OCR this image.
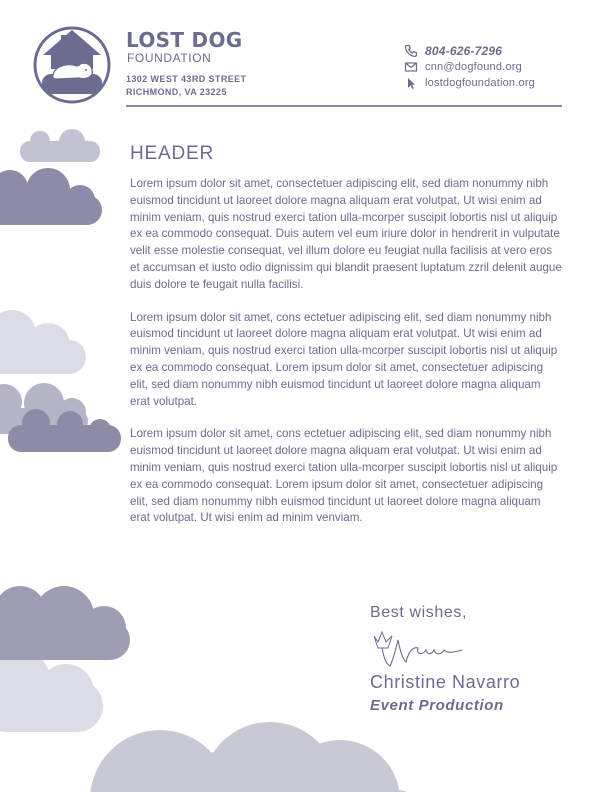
LOST DOG
FOUNDATION
1302 WEST 43RD STREET
RICHMOND, VA 23225
804-626-7296
cnn@dogfound.org
lostdogfoundation.org
HEADER

Lorem ipsum dolor sit amet, consectetuer adipiscing elit, sed diam nonummy nibh euismod tincidunt ut laoreet dolore magna aliquam erat volutpat. Ut wisi enim ad minim veniam, quis nostrud exerci tation ulla-mcorper suscipit lobortis nisl ut aliquip ex ea commodo consequat. Duis autem vel eum iriure dolor in hendrerit in vulputate velit esse molestie consequat, vel illum dolore eu feugiat nulla facilisis at vero eros et accumsan et iusto odio dignissim qui blandit praesent luptatum zzril delenit augue duis dolore te feugait nulla facilisi.

Lorem ipsum dolor sit amet, cons ectetuer adipiscing elit, sed diam nonummy nibh euismod tincidunt ut laoreet dolore magna aliquam erat volutpat. Ut wisi enim ad minim veniam, quis nostrud exerci tation ulla-mcorper suscipit lobortis nisl ut aliquip ex ea commodo consequat. Lorem ipsum dolor sit amet, consectetuer adipiscing elit, sed diam nonummy nibh euismod tincidunt ut laoreet dolore magna aliquam erat volutpat.

Lorem ipsum dolor sit amet, cons ectetuer adipiscing elit, sed diam nonummy nibh euismod tincidunt ut laoreet dolore magna aliquam erat volutpat. Ut wisi enim ad minim veniam, quis nostrud exerci tation ulla-mcorper suscipit lobortis nisl ut aliquip ex ea commodo consequat. Lorem ipsum dolor sit amet, consectetuer adipiscing elit, sed diam nonummy nibh euismod tincidunt ut laoreet dolore magna aliquam erat volutpat. Ut wisi enim ad minim venviam.

Best wishes,
Christine Navarro
Event Production
